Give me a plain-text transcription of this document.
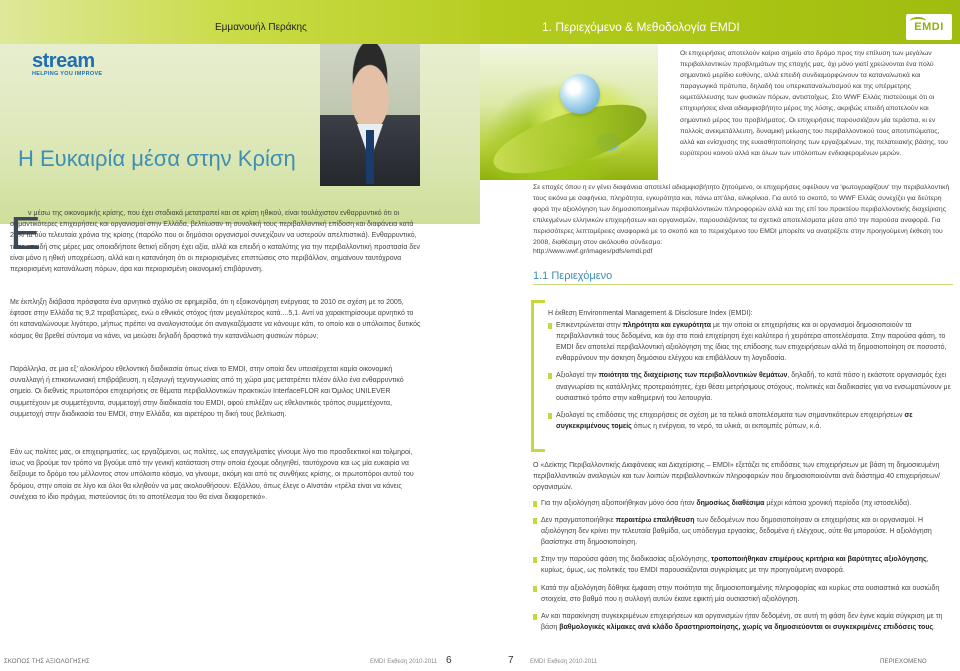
Εμμανουήλ Περάκης
stream
HELPING YOU IMPROVE
Η Ευκαιρία μέσα στην Κρίση
Ε
ν μέσω της οικονομικής κρίσης, που έχει σταδιακά μετατραπεί και σε κρίση ηθικού, είναι τουλάχιστον ενθαρρυντικό ότι οι σημαντικότερες επιχειρήσεις και οργανισμοί στην Ελλάδα, βελτίωσαν τη συνολική τους περιβαλλοντική επίδοση και διαφάνεια κατά 21% τα δύο τελευταία χρόνια της κρίσης (παρόλο που οι δημόσιοι οργανισμοί συνεχίζουν να υστερούν απελπιστικά). Ενθαρρυντικό, τόσο επειδή στις μέρες μας οποιαδήποτε θετική είδηση έχει αξία, αλλά και επειδή ο καταλύτης για την περιβαλλοντική προστασία δεν είναι μόνο η ηθική υποχρέωση, αλλά και η κατανόηση ότι οι περιορισμένες επιπτώσεις στο περιβάλλον, σημαίνουν ταυτόχρονα περιορισμένη κατανάλωση πόρων, άρα και περιορισμένη οικονομική επιβάρυνση.
Με έκπληξη διάβασα πρόσφατα ένα αρνητικό σχόλιο σε εφημερίδα, ότι η εξοικονόμηση ενέργειας το 2010 σε σχέση με το 2005, έφτασε στην Ελλάδα τις 9,2 τεραβατώρες, ενώ ο εθνικός στόχος ήταν μεγαλύτερος κατά....5,1. Αντί να χαρακτηρίσουμε αρνητικό το ότι καταναλώνουμε λιγότερο, μήπως πρέπει να αναλογιστούμε ότι αναγκαζόμαστε να κάνουμε κάτι, το οποίο και ο υπόλοιπος δυτικός κόσμος θα βρεθεί σύντομα να κάνει, να μειώσει δηλαδή δραστικά την κατανάλωση φυσικών πόρων;
Παράλληλα, σε μια εξ' αλοκλήρου εθελοντική διαδικασία όπως είναι το EMDI, στην οποία δεν υπεισέρχεται καμία οικονομική συναλλαγή ή επικοινωνιακή επιβράβευση, η εξαγωγή τεχνογνωσίας από τη χώρα μας μετατρέπει πλέον άλλο ένα ενθαρρυντικό σημείο. Οι διεθνείς πρωτοπόροι επιχειρήσεις σε θέματα περιβαλλοντικών πρακτικών InterfaceFLOR και Όμιλος UNILEVER συμμετέχουν με συμμετέχοντα, συμμετοχή στην διαδικασία του EMDI, αφού επιλέξαν ως εθελοντικός τρόπος συμμετέχοντα, συμμετοχή στην διαδικασία του EMDI, στην Ελλάδα, και αιρετέρου τη δική τους βελτίωση.
Εάν ως πολίτες μας, οι επιχειρηματίες, ως εργαζόμενοι, ως πολίτες, ως επαγγελματίες γίνουμε λίγο πιο προσδεκτικοί και τολμηροί, ίσως να βρούμε τον τρόπο να βγούμε από την γενική κατάσταση στην οποία έχουμε οδηγηθεί, ταυτόχρονα και ως μία ευκαιρία να δείξουμε το δρόμο του μέλλοντος στον υπόλοιπο κόσμο, να γίνουμε, ακόμη και από τις συνθήκες κρίσης, οι πρωτοπόροι αυτού του δρόμου, στην οποία σε λίγο και όλοι θα κληθούν να μας ακολουθήσουν. Εξάλλου, όπως έλεγε ο Αϊνστάιν «τρέλα είναι να κάνεις συνέχεια το ίδιο πράγμα, πιστεύοντας ότι το αποτέλεσμα του θα είναι διαφορετικό».
ΣΚΟΠΟΣ ΤΗΣ ΑΞΙΟΛΟΓΗΣΗΣ	EMDI Έκθεση 2010-2011 6
1. Περιεχόμενο & Μεθοδολογία EMDI	EMDI
Οι επιχειρήσεις αποτελούν καίριο σημείο στο δρόμο προς την επίλυση των μεγάλων περιβαλλοντικών προβλημάτων της εποχής μας, όχι μόνο γιατί χρεώνονται ένα πολύ σημαντικό μερίδιο ευθύνης, αλλά επειδή συνδιαμορφώνουν τα καταναλωτικά και παραγωγικά πρότυπα, δηλαδή του υπερκαταναλωτισμού και της υπέρμετρης εκμετάλλευσης των φυσικών πόρων, αντιστοίχως. Στο WWF Ελλάς πιστεύουμε ότι οι επιχειρήσεις είναι αδιαμφισβήτητο μέρος της λύσης, ακριβώς επειδή αποτελούν και σημαντικό μέρος του προβλήματος. Οι επιχειρήσεις παρουσιάζουν μία τεράστια, κι εν πολλοίς ανεκμετάλλευτη, δυναμική μείωσης του περιβαλλοντικού τους αποτυπώματος, αλλά και ενίσχυσης της ευαισθητοποίησης των εργαζομένων, της πελατειακής βάσης, του ευρύτερου κοινού αλλά και όλων των υπόλοιπων ενδιαφερομένων μερών.
Σε εποχές όπου η εν γένει διαφάνεια αποτελεί αδιαμφισβήτητο ζητούμενο, οι επιχειρήσεις οφείλουν να 'φωτογραφίζουν' την περιβαλλοντική τους εικόνα με σαφήνεια, πληρότητα, εγκυρότητα και, πάνω απ'όλα, ειλικρίνεια. Για αυτό το σκοπό, το WWF Ελλάς συνεχίζει για δεύτερη φορά την αξιολόγηση των δημοσιοποιημένων περιβαλλοντικών πληροφοριών αλλά και της επί του πρακτέου περιβαλλοντικής διαχείρισης επιλεγμένων ελληνικών επιχειρήσεων και οργανισμών, παρουσιάζοντας τα σχετικά αποτελέσματα μέσα από την παρούσα αναφορά. Για περισσότερες λεπτομέρειες αναφορικά με το σκοπό και το περιεχόμενο του EMDI μπορείτε να ανατρέξετε στην προηγούμενη έκθεση του 2008, διαθέσιμη στον ακόλουθο σύνδεσμο:
http://www.wwf.gr/images/pdfs/emdi.pdf
1.1 Περιεχόμενο
Η έκθεση Environmental Management & Disclosure Index (EMDI):
Επικεντρώνεται στην πληρότητα και εγκυρότητα με την οποία οι επιχειρήσεις και οι οργανισμοί δημοσιοποιούν τα περιβαλλοντικά τους δεδομένα, και όχι στο ποιά επιχείρηση έχει καλύτερα ή χειρότερα αποτελέσματα. Στην παρούσα φάση, το EMDI δεν αποτελεί περιβαλλοντική αξιολόγηση της ίδιας της επίδοσης των επιχειρήσεων αλλά τη δημοσιοποίηση σε ποσοστό, ενθαρρύνουν την άσκηση δημόσιου ελέγχου και επιβάλλουν τη λογοδοσία.
Αξιολογεί την ποιότητα της διαχείρισης των περιβαλλοντικών θεμάτων, δηλαδή, το κατά πόσο η εκάστοτε οργανισμός έχει αναγνωρίσει τις κατάλληλες προτεραιότητες, έχει θέσει μετρήσιμους στόχους, πολιτικές και διαδικασίες για να ενσωματώνουν με ουσιαστικό τρόπο στην καθημερινή του λειτουργία.
Αξιολογεί τις επιδόσεις της επιχειρήσεις σε σχέση με τα τελικά αποτελέσματα των σημαντικότερων επιχειρήσεων σε συγκεκριμένους τομείς όπως η ενέργεια, το νερό, τα υλικά, οι εκπομπές ρύπων, κ.ά.
Ο «Δείκτης Περιβαλλοντικής Διαφάνειας και Διαχείρισης – EMDI» εξετάζει τις επιδόσεις των επιχειρήσεων με βάση τη δημοσιευμένη περιβαλλοντικών αναλογιών και των λοιπών περιβαλλοντικών πληροφοριών που δημοσιοποιούνται ανά διάστημα 40 επιχειρήσεων/οργανισμών.
Για την αξιολόγηση αξιοποιήθηκαν μόνο όσα ήταν δημοσίως διαθέσιμα μέχρι κάποια χρονική περίοδο (πχ ιστοσελίδα).
Δεν πραγματοποιήθηκε περαιτέρω επαλήθευση των δεδομένων που δημοσιοποίησαν οι επιχειρήσεις και οι οργανισμοί. Η αξιολόγηση δεν κρίνει την τελευταία βαθμίδα, ως υπόδειγμα εργασίας, δεδομένα ή ελέγχους, ούτε θα μπορούσε. Η αξιολόγηση βασίστηκε στη δημοσιοποίηση.
Στην την παρούσα φάση της διαδικασίας αξιολόγησης, τροποποιήθηκαν επιμέρους κριτήρια και βαρύτητες αξιολόγησης, κυρίως, όμως, ως πολιτικές του EMDI παρουσιάζονται συγκρίσιμες με την προηγούμενη αναφορά.
Κατά την αξιολόγηση δόθηκε έμφαση στην ποιότητα της δημοσιοποιημένης πληροφορίας και κυρίως στα ουσιαστικά και ουσιώδη στοιχεία, στο βαθμό που η συλλογή αυτών έκανε εφικτή μία ουσιαστική αξιολόγηση.
Αν και παρακίνηση συγκεκριμένων επιχειρήσεων και οργανισμών ήταν δεδομένη, σε αυτή τη φάση δεν έγινε καμία σύγκριση με τη βάση βαθμολογικές κλίμακες ανά κλάδο δραστηριοποίησης, χωρίς να δημοσιεύονται οι συγκεκριμένες επιδόσεις τους.
7	EMDI Έκθεση 2010-2011	ΠΕΡΙΕΧΟΜΕΝΟ
